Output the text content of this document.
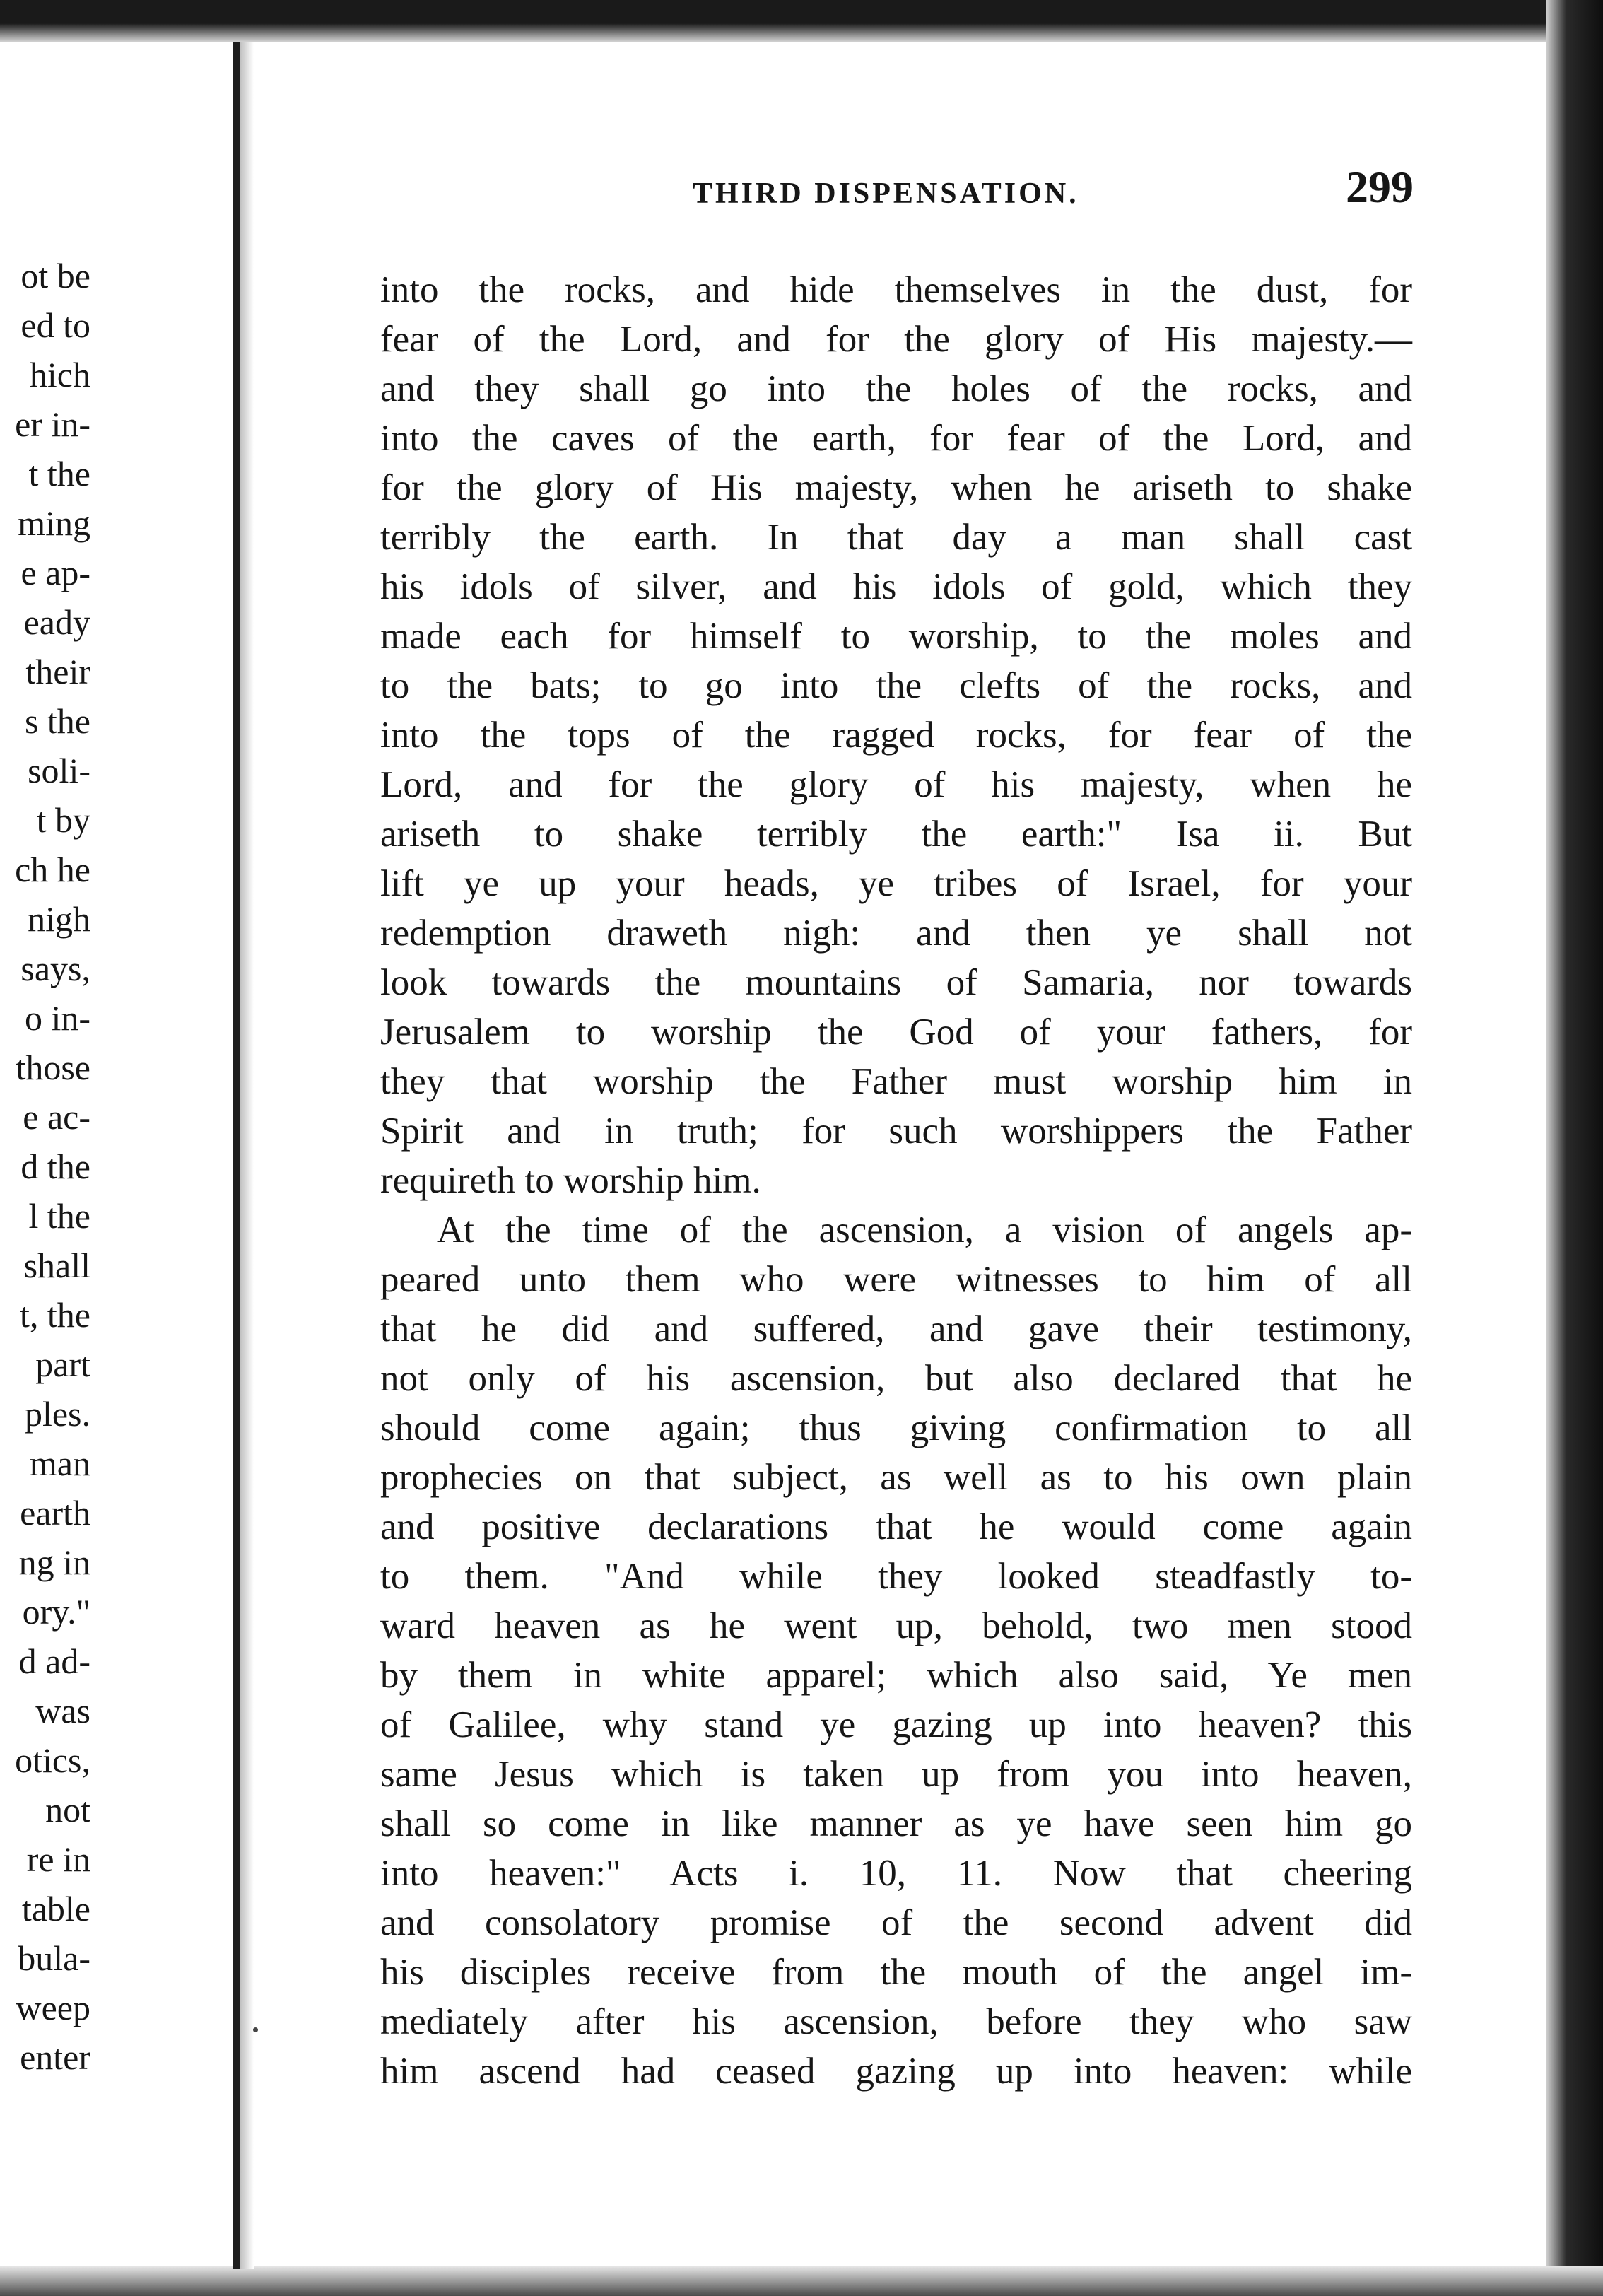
ot be
ed to
hich
er in-
t the
ming
e ap-
eady
their
s the
soli-
t by
ch he
nigh
says,
o in-
those
e ac-
d the
l the
shall
t, the
part
ples.
man
earth
ng in
ory."
d ad-
was
otics,
not
re in
table
bula-
weep
enter
THIRD DISPENSATION.	299
into the rocks, and hide themselves in the dust, for
fear of the Lord, and for the glory of His majesty.—
and they shall go into the holes of the rocks, and
into the caves of the earth, for fear of the Lord, and
for the glory of His majesty, when he ariseth to shake
terribly the earth. In that day a man shall cast
his idols of silver, and his idols of gold, which they
made each for himself to worship, to the moles and
to the bats; to go into the clefts of the rocks, and
into the tops of the ragged rocks, for fear of the
Lord, and for the glory of his majesty, when he
ariseth to shake terribly the earth:" Isa ii. But
lift ye up your heads, ye tribes of Israel, for your
redemption draweth nigh: and then ye shall not
look towards the mountains of Samaria, nor towards
Jerusalem to worship the God of your fathers, for
they that worship the Father must worship him in
Spirit and in truth; for such worshippers the Father
requireth to worship him.
At the time of the ascension, a vision of angels ap-
peared unto them who were witnesses to him of all
that he did and suffered, and gave their testimony,
not only of his ascension, but also declared that he
should come again; thus giving confirmation to all
prophecies on that subject, as well as to his own plain
and positive declarations that he would come again
to them. "And while they looked steadfastly to-
ward heaven as he went up, behold, two men stood
by them in white apparel; which also said, Ye men
of Galilee, why stand ye gazing up into heaven? this
same Jesus which is taken up from you into heaven,
shall so come in like manner as ye have seen him go
into heaven:" Acts i. 10, 11. Now that cheering
and consolatory promise of the second advent did
his disciples receive from the mouth of the angel im-
mediately after his ascension, before they who saw
him ascend had ceased gazing up into heaven: while
